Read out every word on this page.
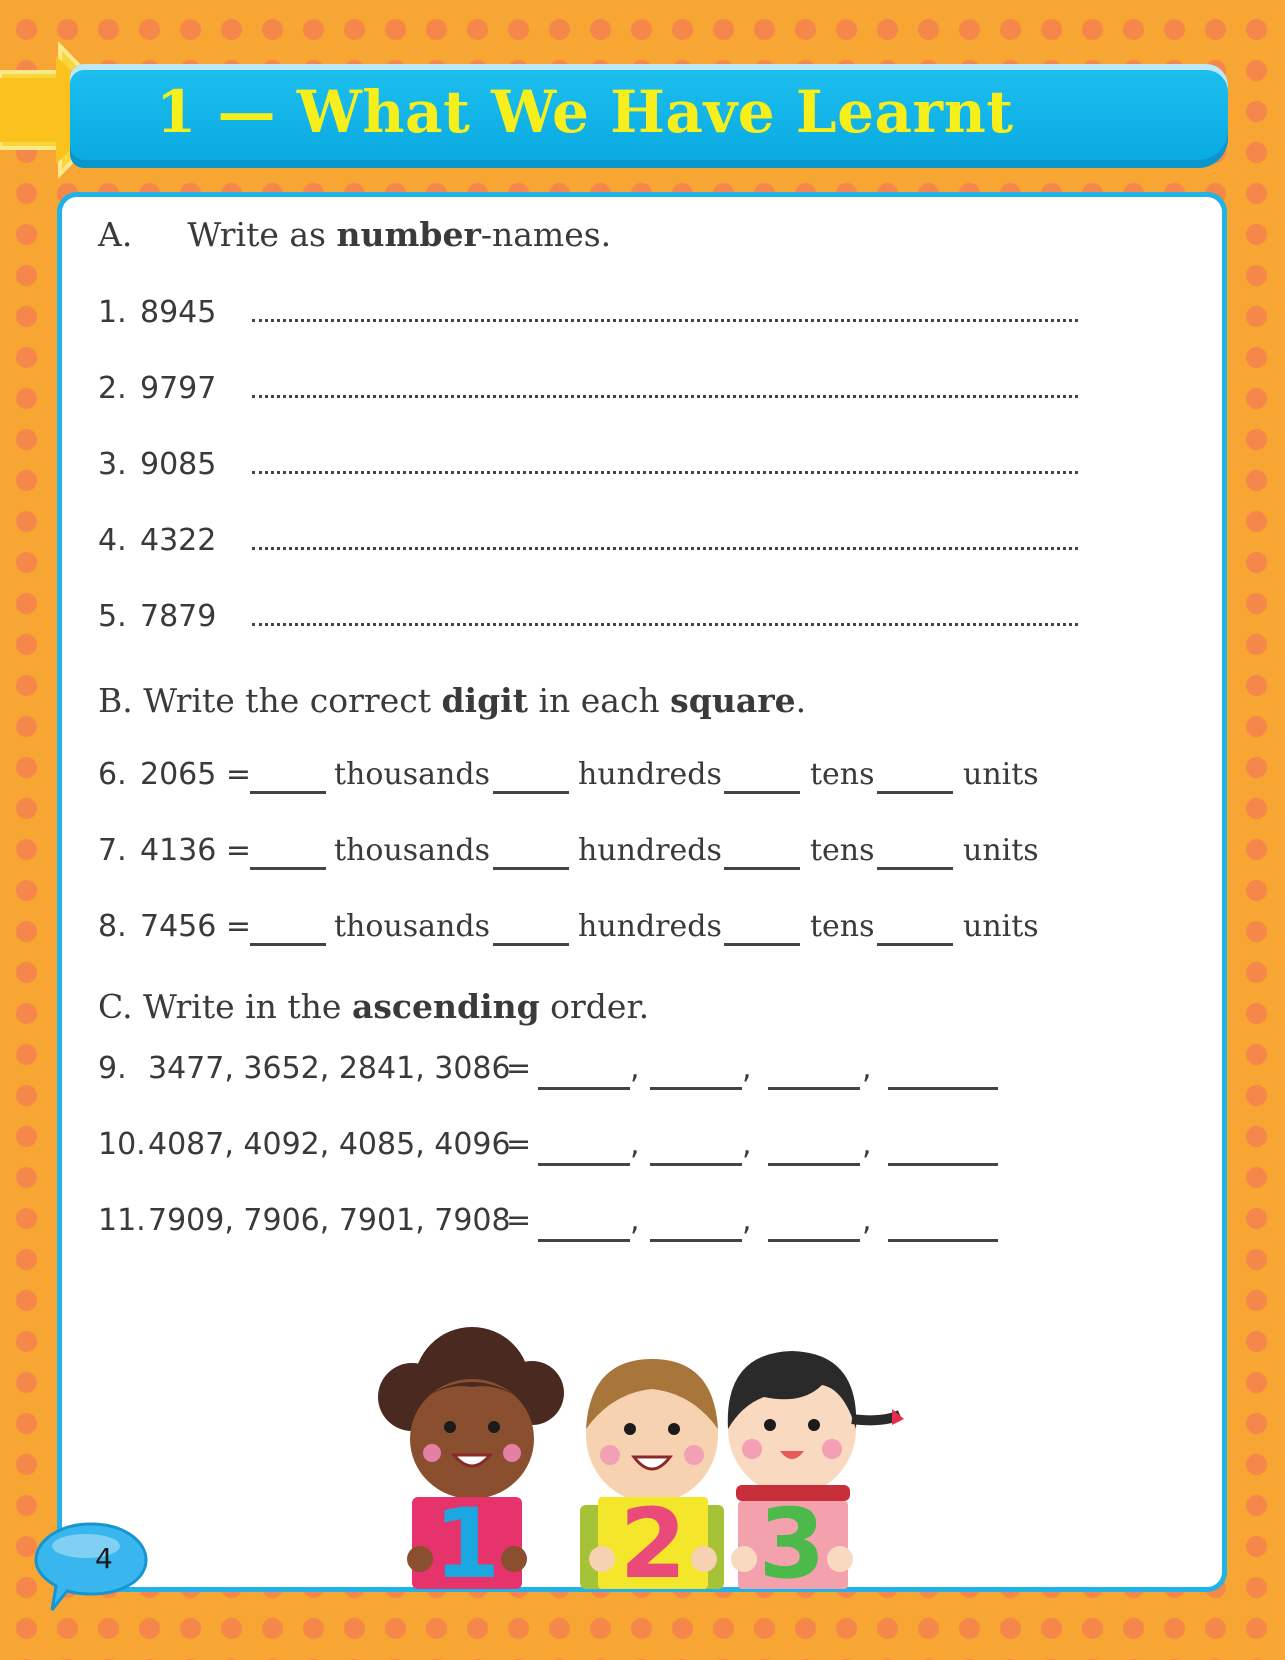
1 — What We Have Learnt
A. Write as number-names.
1. 8945
2. 9797
3. 9085
4. 4322
5. 7879
B. Write the correct digit in each square.
6. 2065 =	thousands	hundreds	tens	units
7. 4136 =	thousands	hundreds	tens	units
8. 7456 =	thousands	hundreds	tens	units
C. Write in the ascending order.
9. 3477, 3652, 2841, 3086
=	,	,	,
10. 4087, 4092, 4085, 4096
=	,	,	,
11. 7909, 7906, 7901, 7908
=	,	,	,
1 2 3
4
